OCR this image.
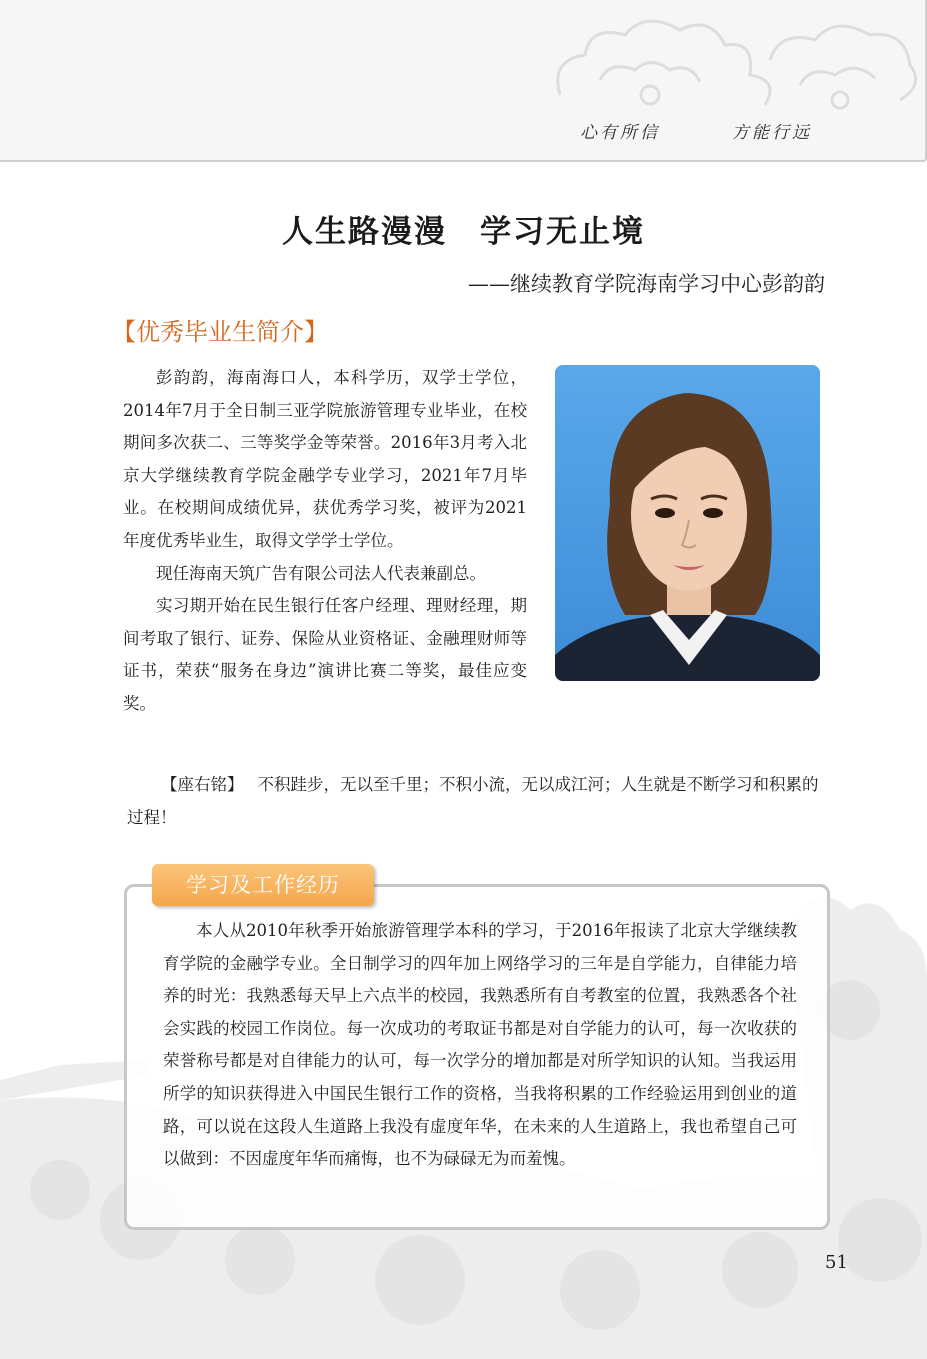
心有所信	方能行远
人生路漫漫　学习无止境
——继续教育学院海南学习中心彭韵韵
【优秀毕业生简介】

彭韵韵，海南海口人，本科学历，双学士学位，2014年7月于全日制三亚学院旅游管理专业毕业，在校期间多次获二、三等奖学金等荣誉。2016年3月考入北京大学继续教育学院金融学专业学习，2021年7月毕业。在校期间成绩优异，获优秀学习奖，被评为2021年度优秀毕业生，取得文学学士学位。

现任海南天筑广告有限公司法人代表兼副总。

实习期开始在民生银行任客户经理、理财经理，期间考取了银行、证券、保险从业资格证、金融理财师等证书，荣获“服务在身边”演讲比赛二等奖，最佳应变奖。

【座右铭】 不积跬步，无以至千里；不积小流，无以成江河；人生就是不断学习和积累的过程！
学习及工作经历

本人从2010年秋季开始旅游管理学本科的学习，于2016年报读了北京大学继续教育学院的金融学专业。全日制学习的四年加上网络学习的三年是自学能力，自律能力培养的时光：我熟悉每天早上六点半的校园，我熟悉所有自考教室的位置，我熟悉各个社会实践的校园工作岗位。每一次成功的考取证书都是对自学能力的认可，每一次收获的荣誉称号都是对自律能力的认可，每一次学分的增加都是对所学知识的认知。当我运用所学的知识获得进入中国民生银行工作的资格，当我将积累的工作经验运用到创业的道路，可以说在这段人生道路上我没有虚度年华，在未来的人生道路上，我也希望自己可以做到：不因虚度年华而痛悔，也不为碌碌无为而羞愧。

51
